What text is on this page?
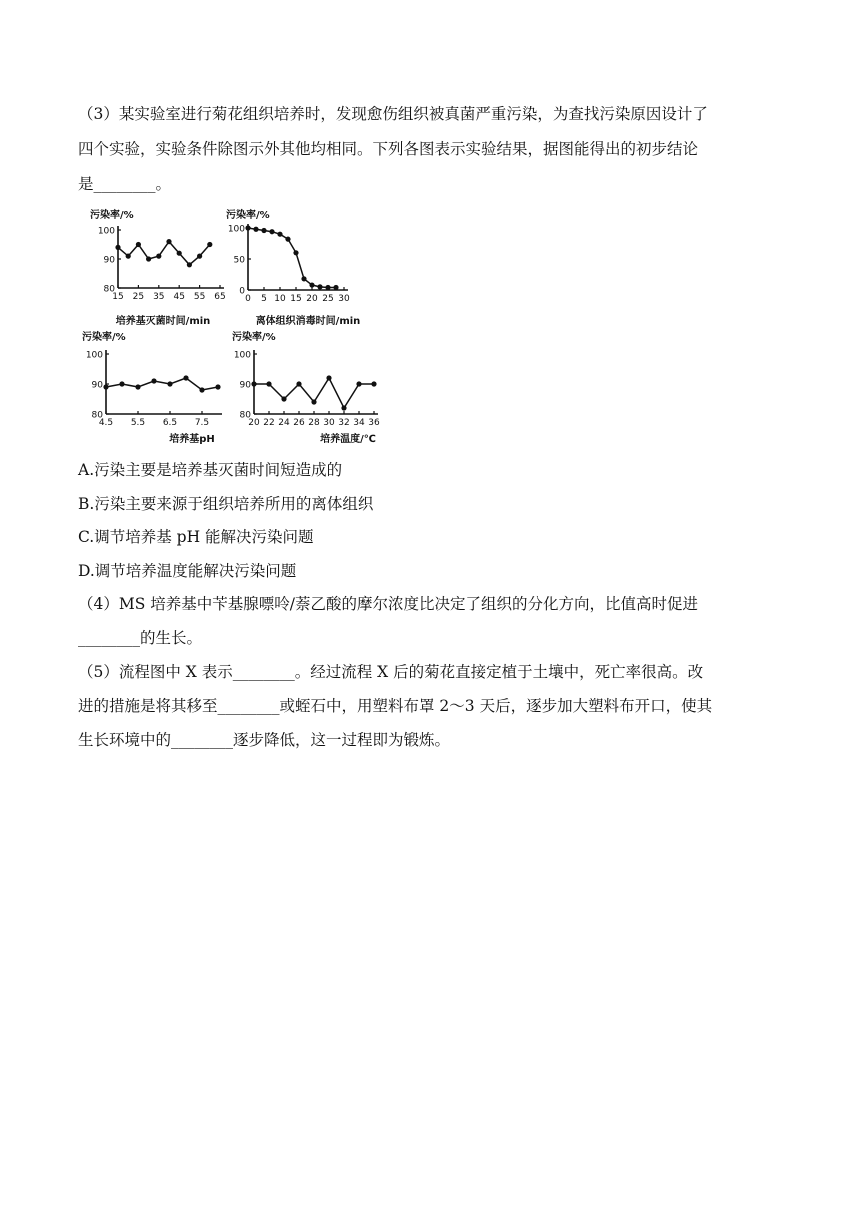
（3）某实验室进行菊花组织培养时，发现愈伤组织被真菌严重污染，为查找污染原因设计了
四个实验，实验条件除图示外其他均相同。下列各图表示实验结果，据图能得出的初步结论
是________。
污染率/%
培养基灭菌时间/min
80
90
100
15 25 35 45 55 65
污染率/%
离体组织消毒时间/min
0
50
100
0 5 10 15 20 25 30
污染率/%
培养基pH
80
90
100
4.5 5.5 6.5 7.5
污染率/%
培养温度/℃
80
90
100
20 22 24 26 28 30 32 34 36
A.污染主要是培养基灭菌时间短造成的
B.污染主要来源于组织培养所用的离体组织
C.调节培养基 pH 能解决污染问题
D.调节培养温度能解决污染问题
（4）MS 培养基中苄基腺嘌呤/萘乙酸的摩尔浓度比决定了组织的分化方向，比值高时促进
________的生长。
（5）流程图中 X 表示________。经过流程 X 后的菊花直接定植于土壤中，死亡率很高。改
进的措施是将其移至________或蛭石中，用塑料布罩 2～3 天后，逐步加大塑料布开口，使其
生长环境中的________逐步降低，这一过程即为锻炼。
